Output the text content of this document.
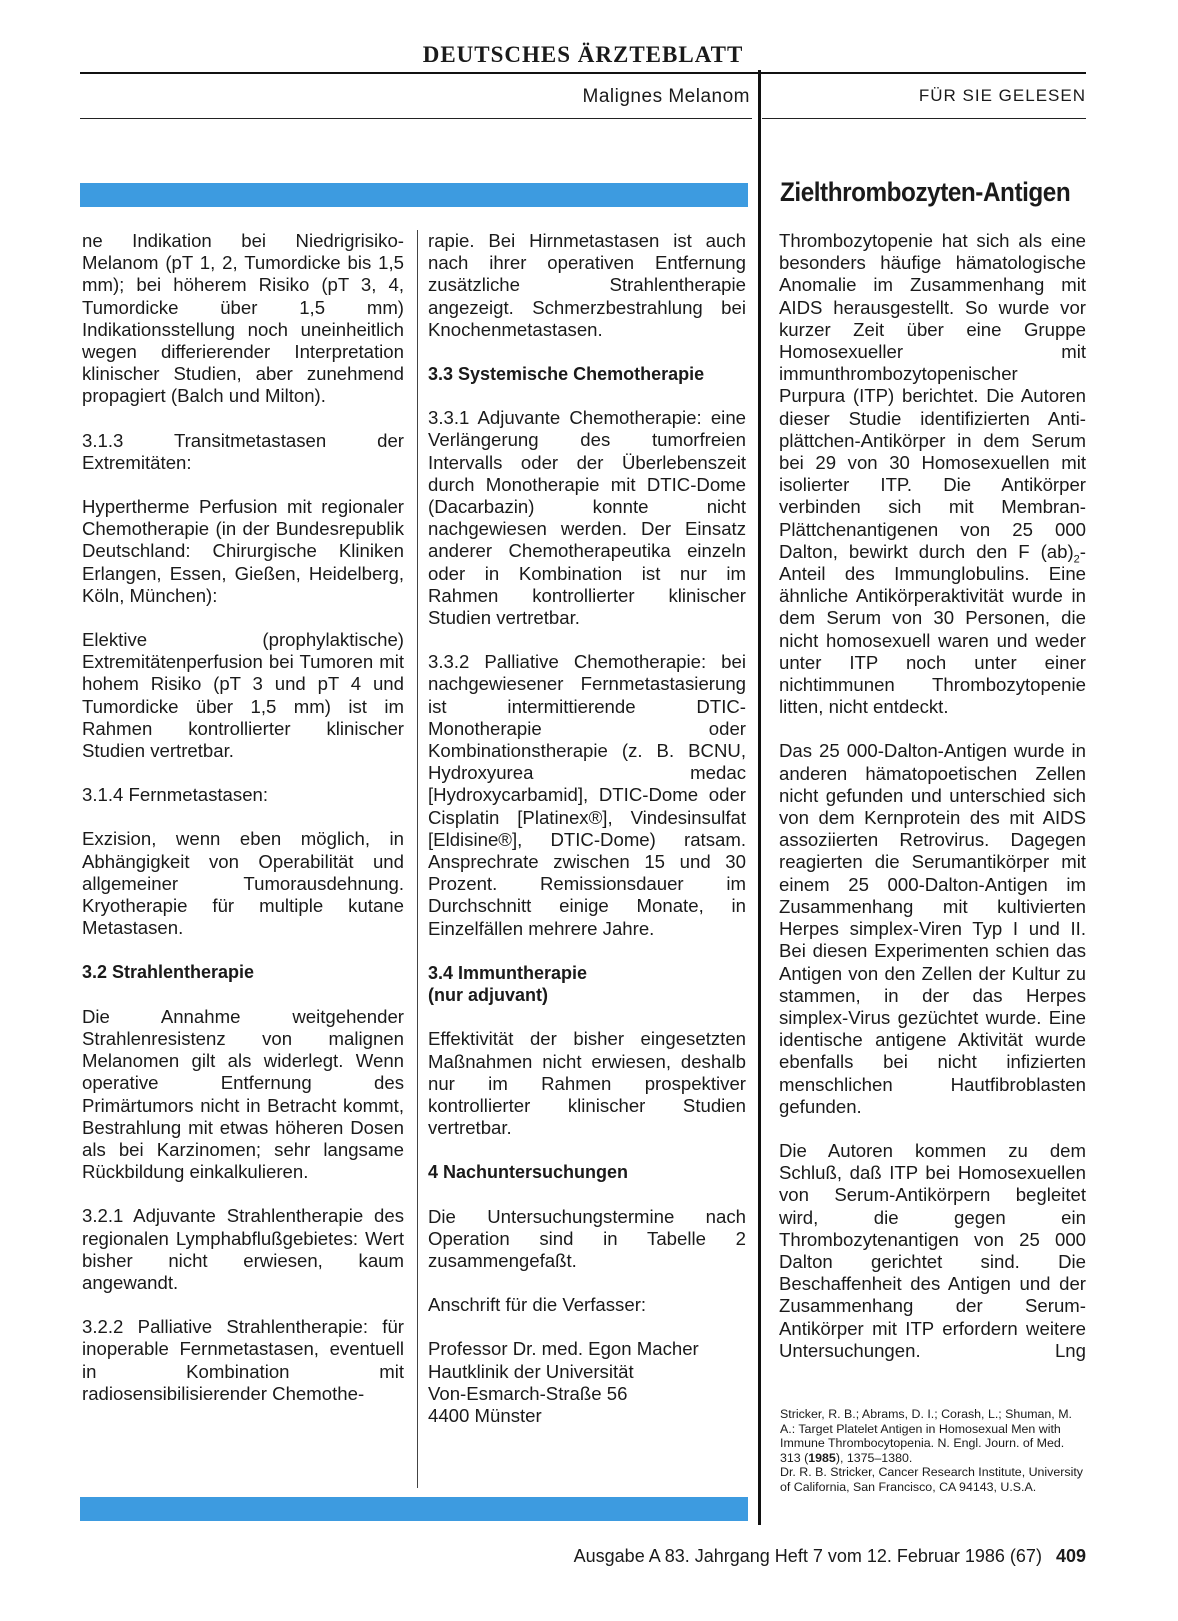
DEUTSCHES ÄRZTEBLATT
Malignes Melanom	FÜR SIE GELESEN

ne Indikation bei Niedrigrisiko-Melanom (pT 1, 2, Tumordicke bis 1,5 mm); bei höherem Risiko (pT 3, 4, Tumordicke über 1,5 mm) Indikationsstellung noch uneinheitlich wegen differierender Interpretation klinischer Studien, aber zunehmend propagiert (Balch und Milton).

3.1.3 Transitmetastasen der Extremitäten:

Hypertherme Perfusion mit regionaler Chemotherapie (in der Bundesrepublik Deutschland: Chirurgische Kliniken Erlangen, Essen, Gießen, Heidelberg, Köln, München):

Elektive (prophylaktische) Extremitätenperfusion bei Tumoren mit hohem Risiko (pT 3 und pT 4 und Tumordicke über 1,5 mm) ist im Rahmen kontrollierter klinischer Studien vertretbar.

3.1.4 Fernmetastasen:

Exzision, wenn eben möglich, in Abhängigkeit von Operabilität und allgemeiner Tumorausdehnung. Kryotherapie für multiple kutane Metastasen.

3.2 Strahlentherapie

Die Annahme weitgehender Strahlenresistenz von malignen Melanomen gilt als widerlegt. Wenn operative Entfernung des Primärtumors nicht in Betracht kommt, Bestrahlung mit etwas höheren Dosen als bei Karzinomen; sehr langsame Rückbildung einkalkulieren.

3.2.1 Adjuvante Strahlentherapie des regionalen Lymphabflußgebietes: Wert bisher nicht erwiesen, kaum angewandt.

3.2.2 Palliative Strahlentherapie: für inoperable Fernmetastasen, eventuell in Kombination mit radiosensibilisierender Chemothe-

rapie. Bei Hirnmetastasen ist auch nach ihrer operativen Entfernung zusätzliche Strahlentherapie angezeigt. Schmerzbestrahlung bei Knochenmetastasen.

3.3 Systemische Chemotherapie

3.3.1 Adjuvante Chemotherapie: eine Verlängerung des tumorfreien Intervalls oder der Überlebenszeit durch Monotherapie mit DTIC-Dome (Dacarbazin) konnte nicht nachgewiesen werden. Der Einsatz anderer Chemotherapeutika einzeln oder in Kombination ist nur im Rahmen kontrollierter klinischer Studien vertretbar.

3.3.2 Palliative Chemotherapie: bei nachgewiesener Fernmetastasierung ist intermittierende DTIC-Monotherapie oder Kombinationstherapie (z. B. BCNU, Hydroxyurea medac [Hydroxycarbamid], DTIC-Dome oder Cisplatin [Platinex®], Vindesinsulfat [Eldisine®], DTIC-Dome) ratsam. Ansprechrate zwischen 15 und 30 Prozent. Remissionsdauer im Durchschnitt einige Monate, in Einzelfällen mehrere Jahre.

3.4 Immuntherapie
(nur adjuvant)

Effektivität der bisher eingesetzten Maßnahmen nicht erwiesen, deshalb nur im Rahmen prospektiver kontrollierter klinischer Studien vertretbar.

4 Nachuntersuchungen

Die Untersuchungstermine nach Operation sind in Tabelle 2 zusammengefaßt.

Anschrift für die Verfasser:

Professor Dr. med. Egon Macher

Hautklinik der Universität

Von-Esmarch-Straße 56

4400 Münster

Zielthrombozyten-Antigen

Thrombozytopenie hat sich als eine besonders häufige hämatologische Anomalie im Zusammenhang mit AIDS herausgestellt. So wurde vor kurzer Zeit über eine Gruppe Homosexueller mit immunthrombozytopenischer Purpura (ITP) berichtet. Die Autoren dieser Studie identifizierten Anti-plättchen-Antikörper in dem Serum bei 29 von 30 Homosexuellen mit isolierter ITP. Die Antikörper verbinden sich mit Membran-Plättchenantigenen von 25 000 Dalton, bewirkt durch den F $(ab)_2$-Anteil des Immunglobulins. Eine ähnliche Antikörperaktivität wurde in dem Serum von 30 Personen, die nicht homosexuell waren und weder unter ITP noch unter einer nichtimmunen Thrombozytopenie litten, nicht entdeckt.

Das 25 000-Dalton-Antigen wurde in anderen hämatopoetischen Zellen nicht gefunden und unterschied sich von dem Kernprotein des mit AIDS assoziierten Retrovirus. Dagegen reagierten die Serumantikörper mit einem 25 000-Dalton-Antigen im Zusammenhang mit kultivierten Herpes simplex-Viren Typ I und II. Bei diesen Experimenten schien das Antigen von den Zellen der Kultur zu stammen, in der das Herpes simplex-Virus gezüchtet wurde. Eine identische antigene Aktivität wurde ebenfalls bei nicht infizierten menschlichen Hautfibroblasten gefunden.

Die Autoren kommen zu dem Schluß, daß ITP bei Homosexuellen von Serum-Antikörpern begleitet wird, die gegen ein Thrombozytenantigen von 25 000 Dalton gerichtet sind. Die Beschaffenheit des Antigen und der Zusammenhang der Serum-Antikörper mit ITP erfordern weitere Untersuchungen.	Lng

Stricker, R. B.; Abrams, D. I.; Corash, L.; Shuman, M. A.: Target Platelet Antigen in Homosexual Men with Immune Thrombocytopenia. N. Engl. Journ. of Med. 313 (1985), 1375–1380.

Dr. R. B. Stricker, Cancer Research Institute, University of California, San Francisco, CA 94143, U.S.A.

Ausgabe A 83. Jahrgang Heft 7 vom 12. Februar 1986 (67) 409
